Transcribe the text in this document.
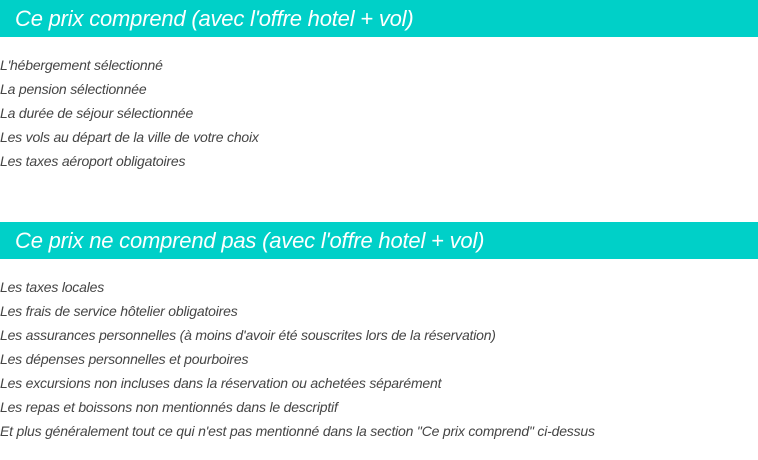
Ce prix comprend (avec l'offre hotel + vol)
L'hébergement sélectionné
La pension sélectionnée
La durée de séjour sélectionnée
Les vols au départ de la ville de votre choix
Les taxes aéroport obligatoires
Ce prix ne comprend pas (avec l'offre hotel + vol)
Les taxes locales
Les frais de service hôtelier obligatoires
Les assurances personnelles (à moins d'avoir été souscrites lors de la réservation)
Les dépenses personnelles et pourboires
Les excursions non incluses dans la réservation ou achetées séparément
Les repas et boissons non mentionnés dans le descriptif
Et plus généralement tout ce qui n'est pas mentionné dans la section "Ce prix comprend" ci-dessus
